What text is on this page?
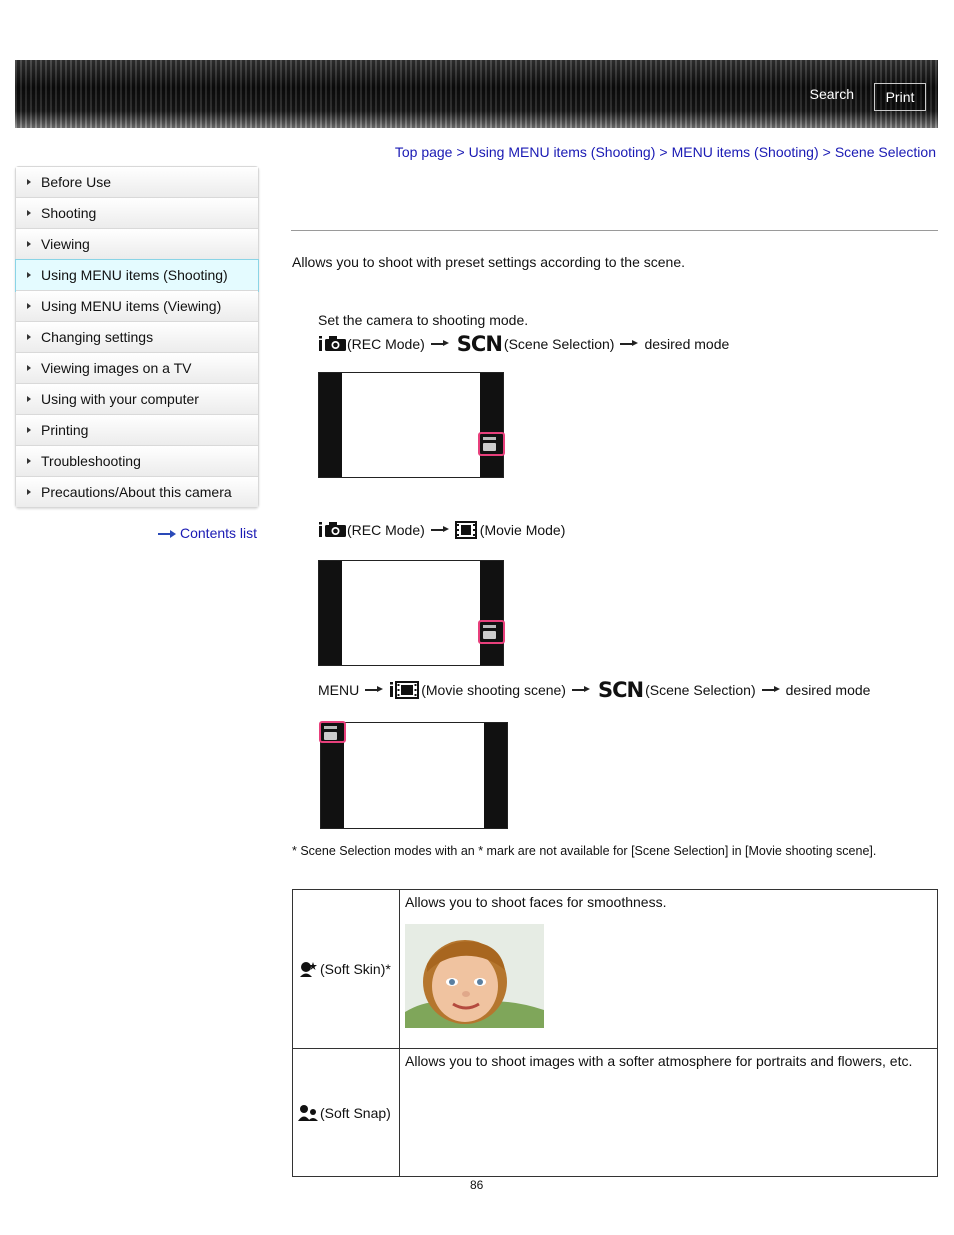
Search	Print
Top page > Using MENU items (Shooting) > MENU items (Shooting) > Scene Selection
Before Use
Shooting
Viewing
Using MENU items (Shooting)
Using MENU items (Viewing)
Changing settings
Viewing images on a TV
Using with your computer
Printing
Troubleshooting
Precautions/About this camera
Contents list
Allows you to shoot with preset settings according to the scene.
Set the camera to shooting mode.
(REC Mode) SCN (Scene Selection) desired mode
(REC Mode)	(Movie Mode)
MENU	(Movie shooting scene) SCN (Scene Selection) desired mode
* Scene Selection modes with an * mark are not available for [Scene Selection] in [Movie shooting scene].
(Soft Skin)*	Allows you to shoot faces for smoothness.

(Soft Snap)	Allows you to shoot images with a softer atmosphere for portraits and flowers, etc.
86
